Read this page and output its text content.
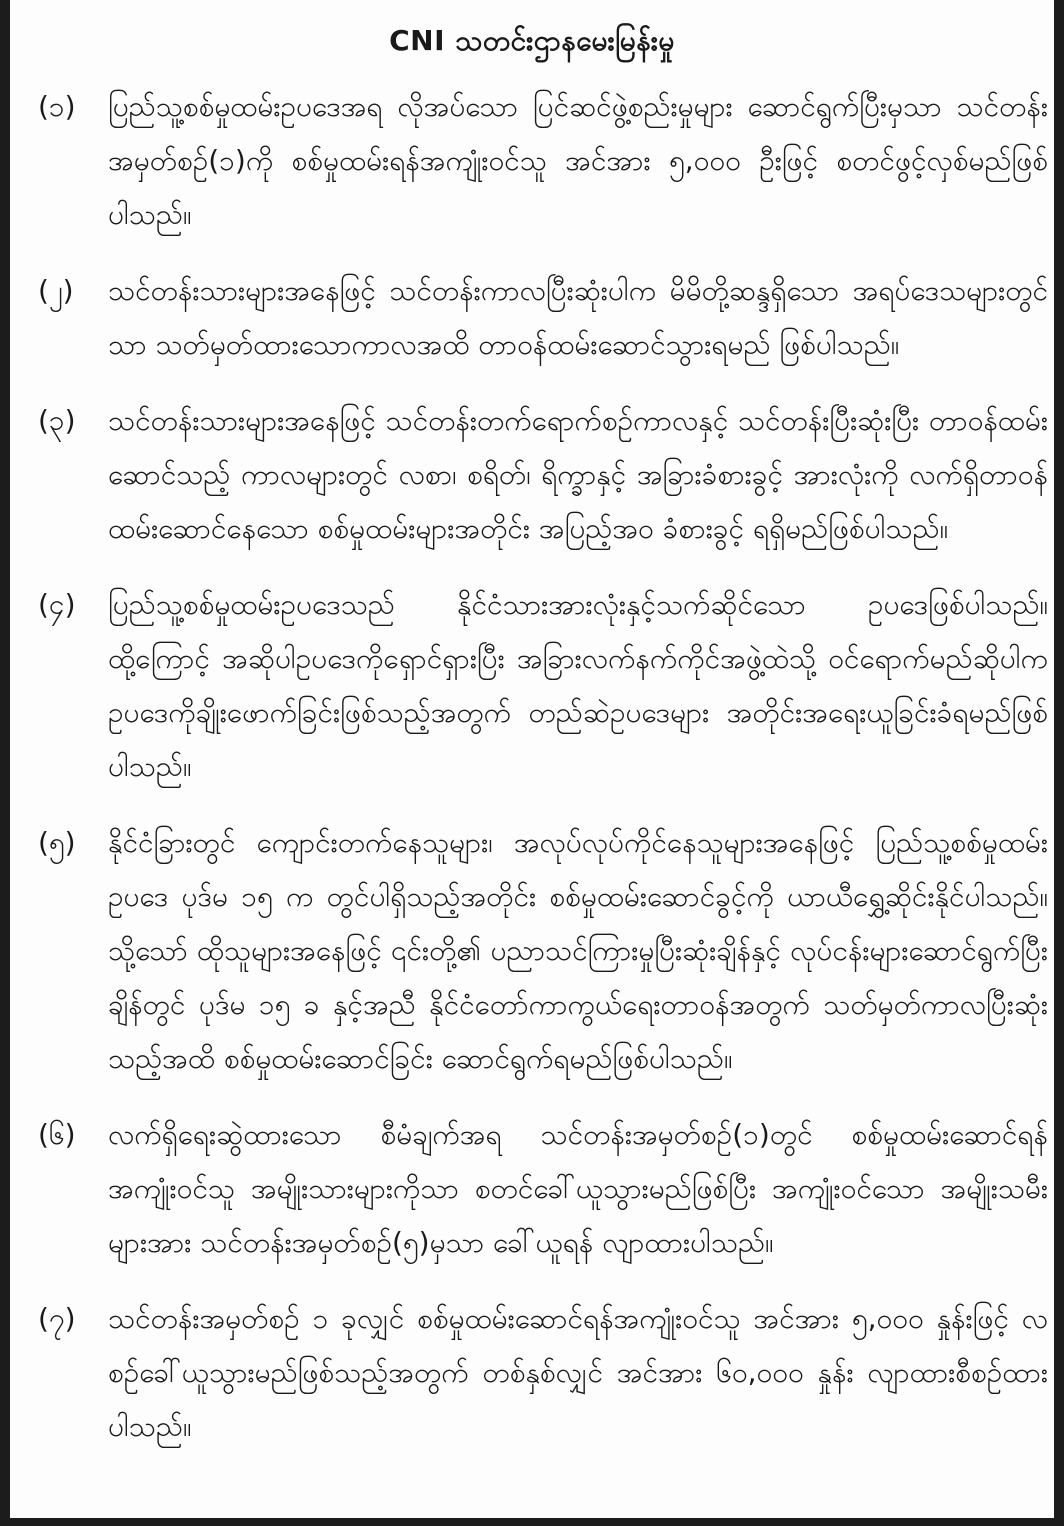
CNI သတင်းဌာနမေးမြန်းမှု
(၁)	ပြည်သူ့စစ်မှုထမ်းဥပဒေအရ လိုအပ်သော ပြင်ဆင်ဖွဲ့စည်းမှုများ ဆောင်ရွက်ပြီးမှသာ သင်တန်းအမှတ်စဉ်(၁)ကို စစ်မှုထမ်းရန်အကျုံးဝင်သူ အင်အား ၅,၀၀၀ ဦးဖြင့် စတင်ဖွင့်လှစ်မည်ဖြစ်ပါသည်။
(၂)	သင်တန်းသားများအနေဖြင့် သင်တန်းကာလပြီးဆုံးပါက မိမိတို့ဆန္ဒရှိသော အရပ်ဒေသများတွင်သာ သတ်မှတ်ထားသောကာလအထိ တာဝန်ထမ်းဆောင်သွားရမည် ဖြစ်ပါသည်။
(၃)	သင်တန်းသားများအနေဖြင့် သင်တန်းတက်ရောက်စဉ်ကာလနှင့် သင်တန်းပြီးဆုံးပြီး တာဝန်ထမ်းဆောင်သည့် ကာလများတွင် လစာ၊ စရိတ်၊ ရိက္ခာနှင့် အခြားခံစားခွင့် အားလုံးကို လက်ရှိတာဝန်ထမ်းဆောင်နေသော စစ်မှုထမ်းများအတိုင်း အပြည့်အဝ ခံစားခွင့် ရရှိမည်ဖြစ်ပါသည်။
(၄)	ပြည်သူ့စစ်မှုထမ်းဥပဒေသည် နိုင်ငံသားအားလုံးနှင့်သက်ဆိုင်သော ဥပဒေဖြစ်ပါသည်။ ထို့ကြောင့် အဆိုပါဥပဒေကိုရှောင်ရှားပြီး အခြားလက်နက်ကိုင်အဖွဲ့ထဲသို့ ဝင်ရောက်မည်ဆိုပါက ဥပဒေကိုချိုးဖောက်ခြင်းဖြစ်သည့်အတွက် တည်ဆဲဥပဒေများ အတိုင်းအရေးယူခြင်းခံရမည်ဖြစ်ပါသည်။
(၅)	နိုင်ငံခြားတွင် ကျောင်းတက်နေသူများ၊ အလုပ်လုပ်ကိုင်နေသူများအနေဖြင့် ပြည်သူ့စစ်မှုထမ်းဥပဒေ ပုဒ်မ ၁၅ က တွင်ပါရှိသည့်အတိုင်း စစ်မှုထမ်းဆောင်ခွင့်ကို ယာယီရွှေ့ဆိုင်းနိုင်ပါသည်။ သို့သော် ထိုသူများအနေဖြင့် ၎င်းတို့၏ ပညာသင်ကြားမှုပြီးဆုံးချိန်နှင့် လုပ်ငန်းများဆောင်ရွက်ပြီးချိန်တွင် ပုဒ်မ ၁၅ ခ နှင့်အညီ နိုင်ငံတော်ကာကွယ်ရေးတာဝန်အတွက် သတ်မှတ်ကာလပြီးဆုံးသည့်အထိ စစ်မှုထမ်းဆောင်ခြင်း ဆောင်ရွက်ရမည်ဖြစ်ပါသည်။
(၆)	လက်ရှိရေးဆွဲထားသော စီမံချက်အရ သင်တန်းအမှတ်စဉ်(၁)တွင် စစ်မှုထမ်းဆောင်ရန်အကျုံးဝင်သူ အမျိုးသားများကိုသာ စတင်ခေါ်ယူသွားမည်ဖြစ်ပြီး အကျုံးဝင်သော အမျိုးသမီးများအား သင်တန်းအမှတ်စဉ်(၅)မှသာ ခေါ်ယူရန် လျာထားပါသည်။
(၇)	သင်တန်းအမှတ်စဉ် ၁ ခုလျှင် စစ်မှုထမ်းဆောင်ရန်အကျုံးဝင်သူ အင်အား ၅,၀၀၀ နှုန်းဖြင့် လစဉ်ခေါ်ယူသွားမည်ဖြစ်သည့်အတွက် တစ်နှစ်လျှင် အင်အား ၆၀,၀၀၀ နှုန်း လျာထားစီစဉ်ထားပါသည်။
